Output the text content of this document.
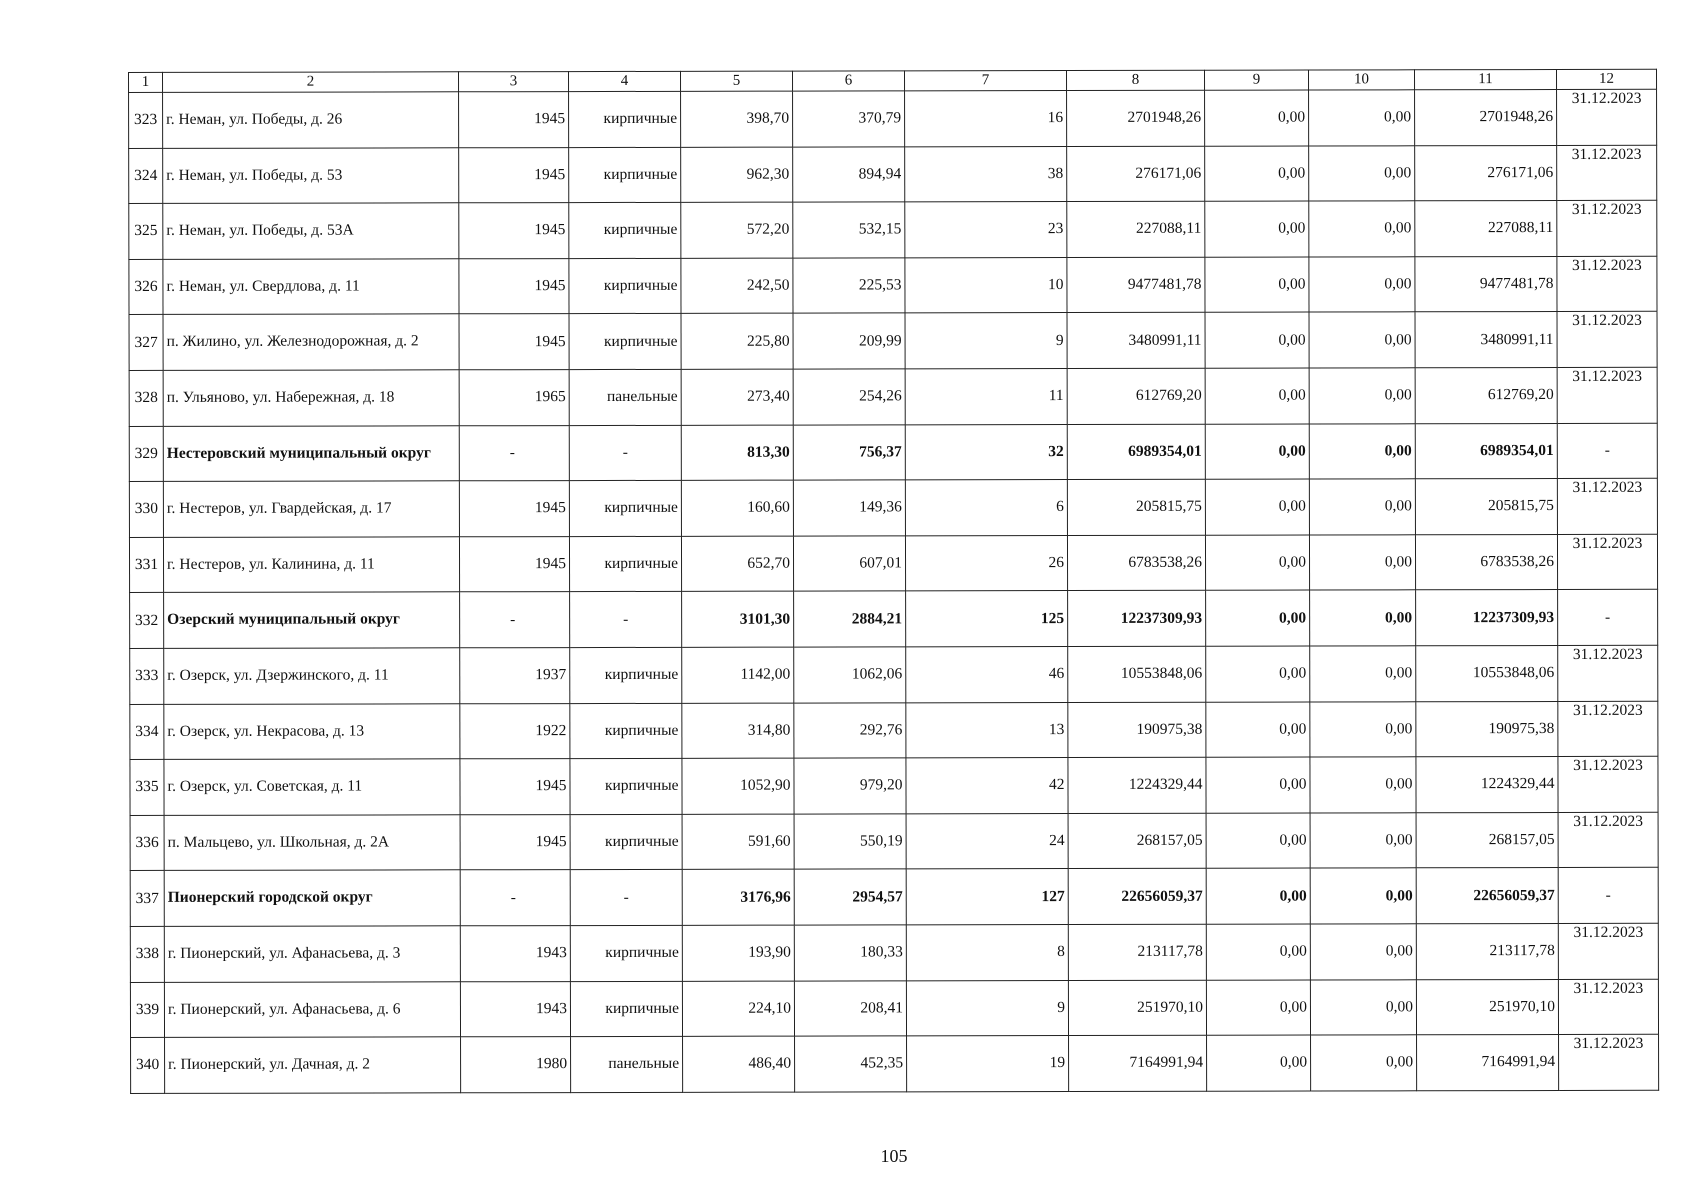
1	2	3	4	5	6	7	8	9	10	11	12
323	г. Неман, ул. Победы, д. 26	1945	кирпичные	398,70	370,79	16	2701948,26	0,00	0,00	2701948,26	31.12.2023
324	г. Неман, ул. Победы, д. 53	1945	кирпичные	962,30	894,94	38	276171,06	0,00	0,00	276171,06	31.12.2023
325	г. Неман, ул. Победы, д. 53А	1945	кирпичные	572,20	532,15	23	227088,11	0,00	0,00	227088,11	31.12.2023
326	г. Неман, ул. Свердлова, д. 11	1945	кирпичные	242,50	225,53	10	9477481,78	0,00	0,00	9477481,78	31.12.2023
327	п. Жилино, ул. Железнодорожная, д. 2	1945	кирпичные	225,80	209,99	9	3480991,11	0,00	0,00	3480991,11	31.12.2023
328	п. Ульяново, ул. Набережная, д. 18	1965	панельные	273,40	254,26	11	612769,20	0,00	0,00	612769,20	31.12.2023
329	Нестеровский муниципальный округ	-	-	813,30	756,37	32	6989354,01	0,00	0,00	6989354,01	-
330	г. Нестеров, ул. Гвардейская, д. 17	1945	кирпичные	160,60	149,36	6	205815,75	0,00	0,00	205815,75	31.12.2023
331	г. Нестеров, ул. Калинина, д. 11	1945	кирпичные	652,70	607,01	26	6783538,26	0,00	0,00	6783538,26	31.12.2023
332	Озерский муниципальный округ	-	-	3101,30	2884,21	125	12237309,93	0,00	0,00	12237309,93	-
333	г. Озерск, ул. Дзержинского, д. 11	1937	кирпичные	1142,00	1062,06	46	10553848,06	0,00	0,00	10553848,06	31.12.2023
334	г. Озерск, ул. Некрасова, д. 13	1922	кирпичные	314,80	292,76	13	190975,38	0,00	0,00	190975,38	31.12.2023
335	г. Озерск, ул. Советская, д. 11	1945	кирпичные	1052,90	979,20	42	1224329,44	0,00	0,00	1224329,44	31.12.2023
336	п. Мальцево, ул. Школьная, д. 2А	1945	кирпичные	591,60	550,19	24	268157,05	0,00	0,00	268157,05	31.12.2023
337	Пионерский городской округ	-	-	3176,96	2954,57	127	22656059,37	0,00	0,00	22656059,37	-
338	г. Пионерский, ул. Афанасьева, д. 3	1943	кирпичные	193,90	180,33	8	213117,78	0,00	0,00	213117,78	31.12.2023
339	г. Пионерский, ул. Афанасьева, д. 6	1943	кирпичные	224,10	208,41	9	251970,10	0,00	0,00	251970,10	31.12.2023
340	г. Пионерский, ул. Дачная, д. 2	1980	панельные	486,40	452,35	19	7164991,94	0,00	0,00	7164991,94	31.12.2023
105
